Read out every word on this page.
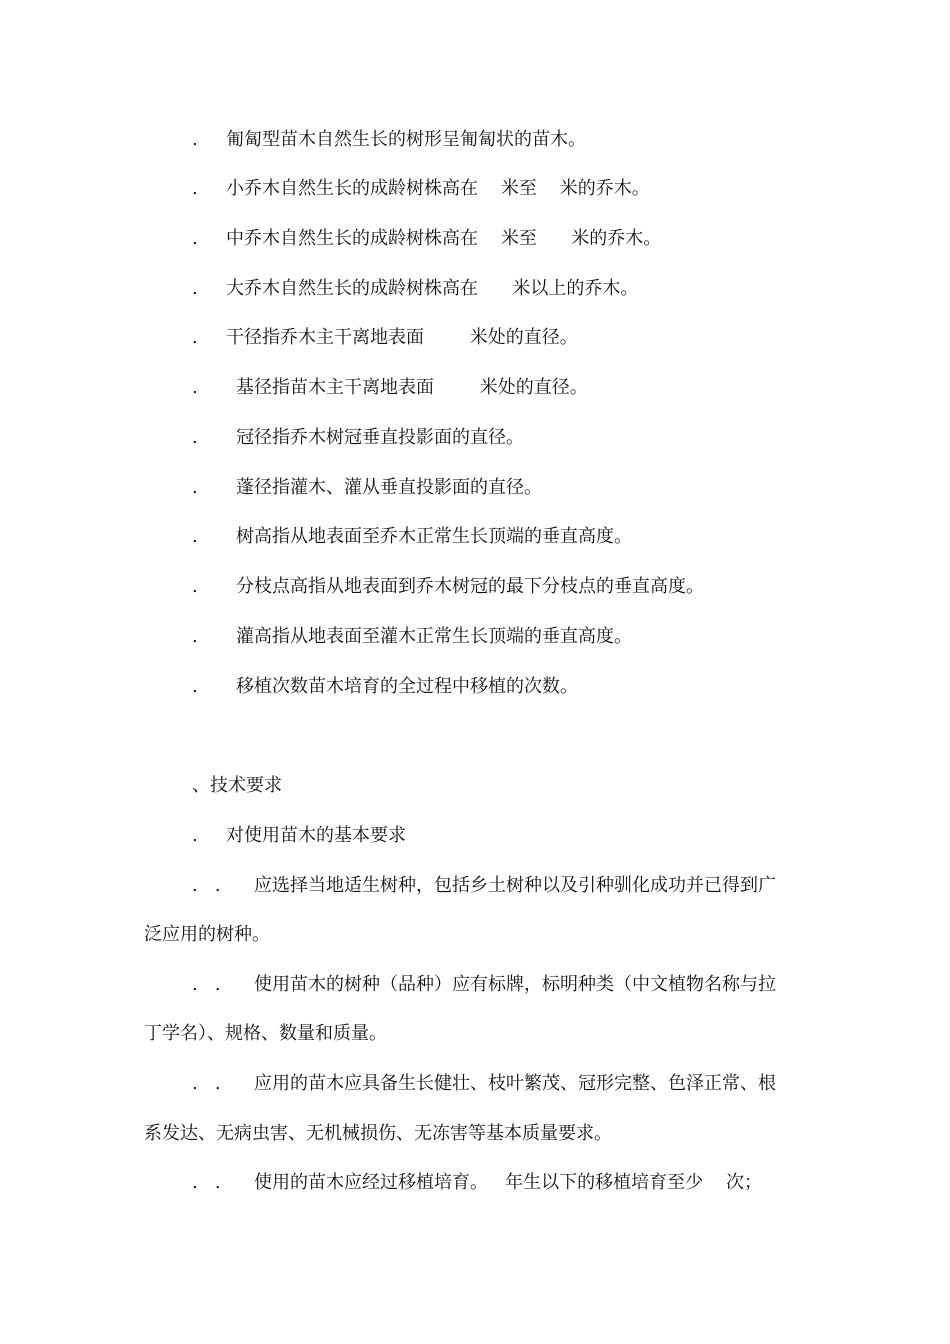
. 匍匐型苗木自然生长的树形呈匍匐状的苗木。
. 小乔木自然生长的成龄树株高在    米至    米的乔木。
. 中乔木自然生长的成龄树株高在    米至      米的乔木。
. 大乔木自然生长的成龄树株高在      米以上的乔木。
. 干径指乔木主干离地表面        米处的直径。
. 基径指苗木主干离地表面        米处的直径。
. 冠径指乔木树冠垂直投影面的直径。
. 蓬径指灌木、灌从垂直投影面的直径。
. 树高指从地表面至乔木正常生长顶端的垂直高度。
. 分枝点高指从地表面到乔木树冠的最下分枝点的垂直高度。
. 灌高指从地表面至灌木正常生长顶端的垂直高度。
. 移植次数苗木培育的全过程中移植的次数。
、技术要求
. 对使用苗木的基本要求
.   . 应选择当地适生树种，包括乡土树种以及引种驯化成功并已得到广
泛应用的树种。
.   . 使用苗木的树种（品种）应有标牌，标明种类（中文植物名称与拉
丁学名）、规格、数量和质量。
.   . 应用的苗木应具备生长健壮、枝叶繁茂、冠形完整、色泽正常、根
系发达、无病虫害、无机械损伤、无冻害等基本质量要求。
.   . 使用的苗木应经过移植培育。   年生以下的移植培育至少    次；
